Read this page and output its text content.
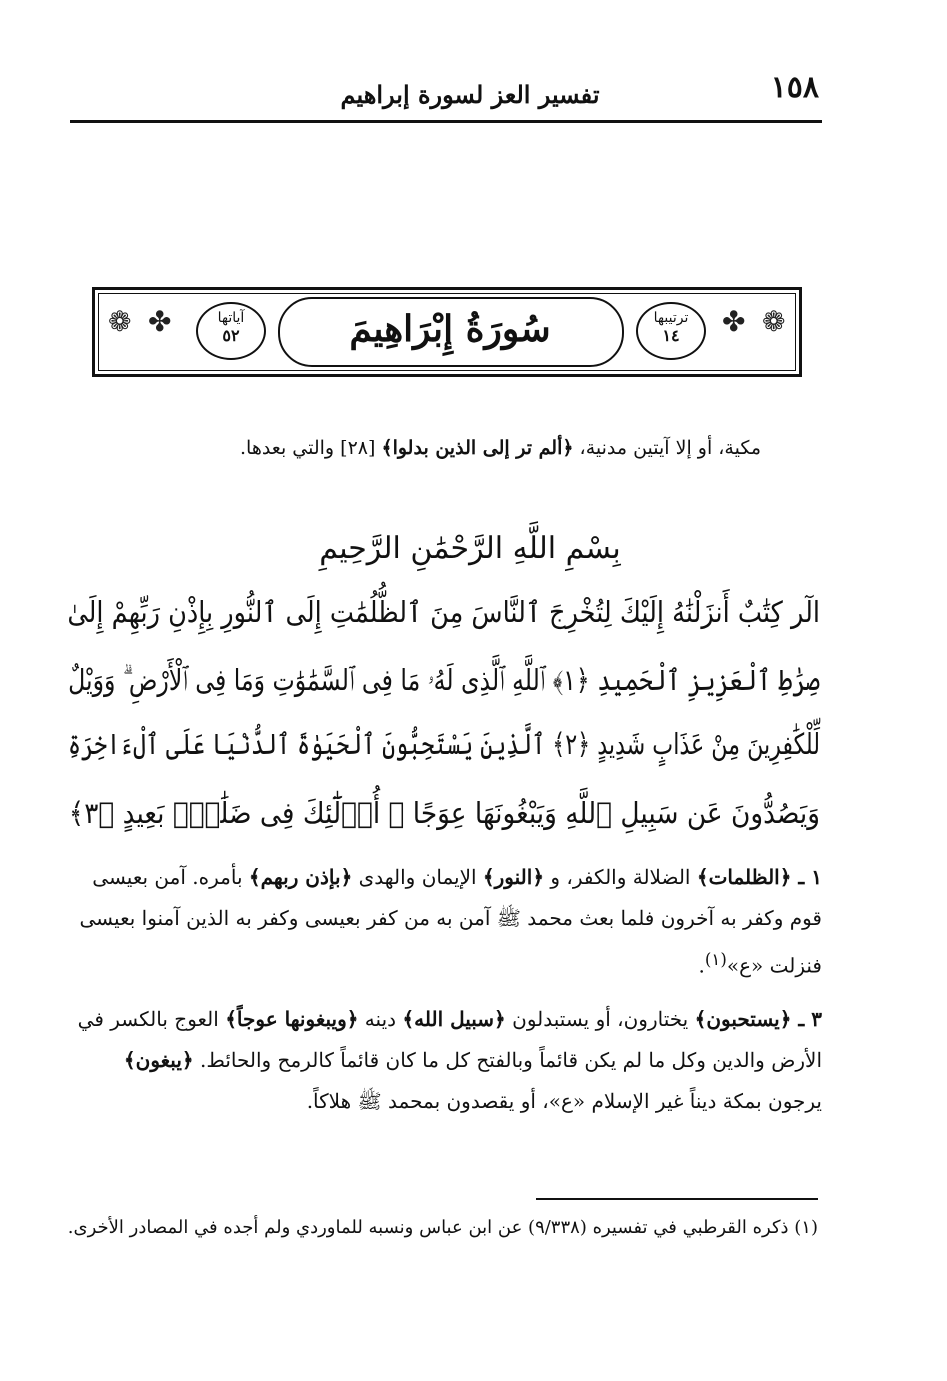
١٥٨
تفسير العز لسورة إبراهيم
❁ ✤	❁
✤
ترتيبها
١٤
آياتها
٥٢	سُورَةُ إِبْرَاهِيمَ
مكية، أو إلا آيتين مدنية، ﴿ألم تر إلى الذين بدلوا﴾ [٢٨] والتي بعدها.
بِسْمِ اللَّهِ الرَّحْمَٰنِ الرَّحِيمِ
الٓر كِتَٰبٌ أَنزَلْنَٰهُ إِلَيْكَ لِتُخْرِجَ ٱلنَّاسَ مِنَ ٱلظُّلُمَٰتِ إِلَى ٱلنُّورِ بِإِذْنِ رَبِّهِمْ إِلَىٰ
صِرَٰطِ ٱلْعَزِيزِ ٱلْحَمِيدِ ﴿١﴾ ٱللَّهِ ٱلَّذِى لَهُۥ مَا فِى ٱلسَّمَٰوَٰتِ وَمَا فِى ٱلْأَرْضِ ۗ وَوَيْلٌ
لِّلْكَٰفِرِينَ مِنْ عَذَابٍ شَدِيدٍ ﴿٢﴾ ٱلَّذِينَ يَسْتَحِبُّونَ ٱلْحَيَوٰةَ ٱلدُّنْيَا عَلَى ٱلْءَاخِرَةِ
وَيَصُدُّونَ عَن سَبِيلِ ٱللَّهِ وَيَبْغُونَهَا عِوَجًا ۚ أُو۟لَٰٓئِكَ فِى ضَلَٰلٍۭ بَعِيدٍ ﴿٣﴾
١ ـ ﴿الظلمات﴾ الضلالة والكفر، و ﴿النور﴾ الإيمان والهدى ﴿بإذن ربهم﴾ بأمره. آمن بعيسى قوم وكفر به آخرون فلما بعث محمد ﷺ آمن به من كفر بعيسى وكفر به الذين آمنوا بعيسى فنزلت «ع»$^{(١)}$.
٣ ـ ﴿يستحبون﴾ يختارون، أو يستبدلون ﴿سبيل الله﴾ دينه ﴿ويبغونها عوجاً﴾ العوج بالكسر في الأرض والدين وكل ما لم يكن قائماً وبالفتح كل ما كان قائماً كالرمح والحائط. ﴿يبغون﴾ يرجون بمكة ديناً غير الإسلام «ع»، أو يقصدون بمحمد ﷺ هلاكاً.
(١) ذكره القرطبي في تفسيره (٩/٣٣٨) عن ابن عباس ونسبه للماوردي ولم أجده في المصادر الأخرى.
